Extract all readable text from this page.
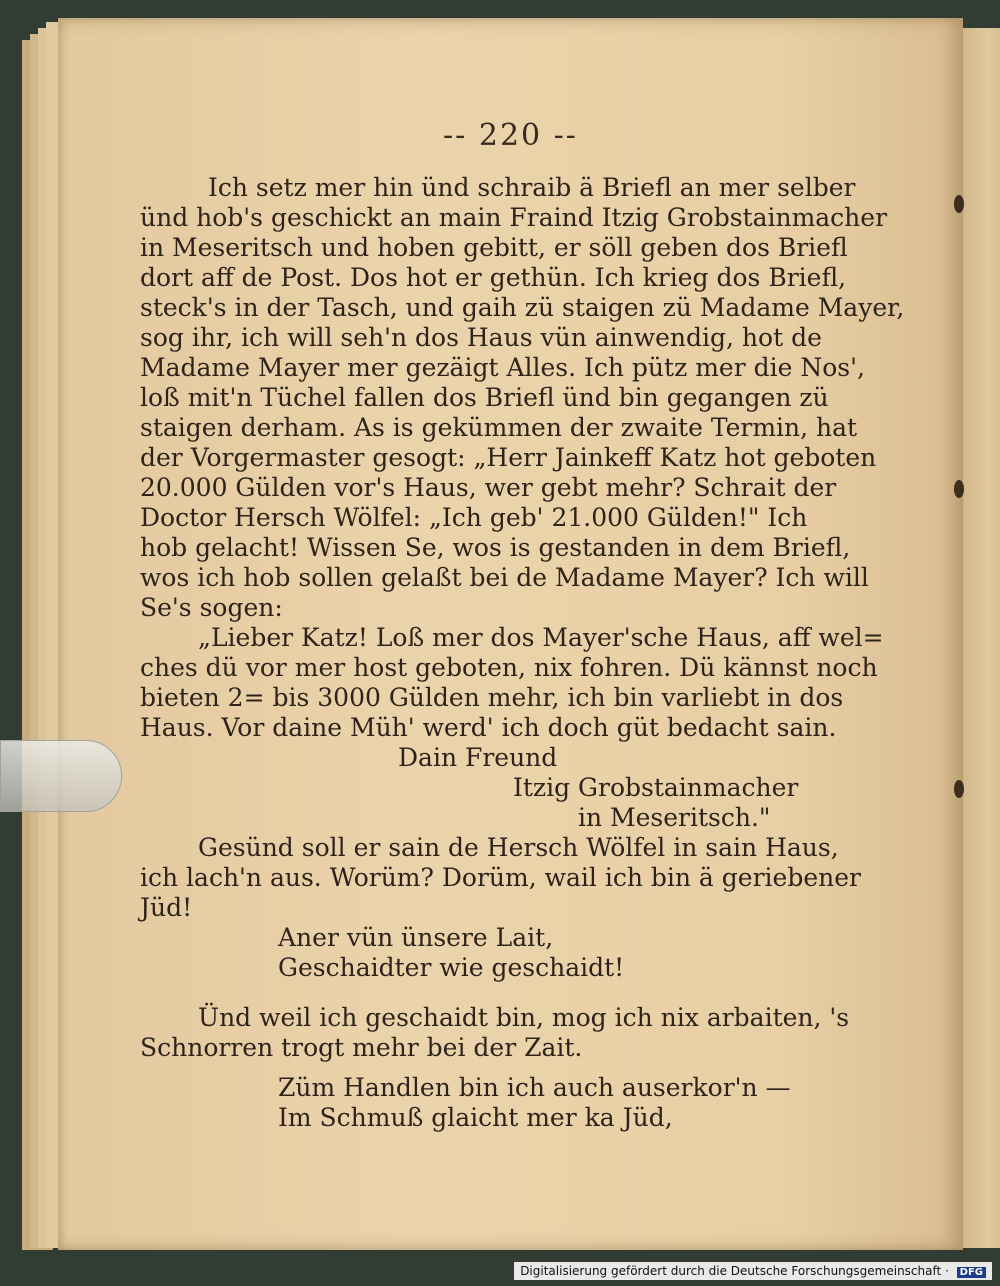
-- 220 --
Ich setz mer hin ünd schraib ä Briefl an mer selber
ünd hob's geschickt an main Fraind Itzig Grobstainmacher
in Meseritsch und hoben gebitt, er söll geben dos Briefl
dort aff de Post. Dos hot er gethün. Ich krieg dos Briefl,
steck's in der Tasch, und gaih zü staigen zü Madame Mayer,
sog ihr, ich will seh'n dos Haus vün ainwendig, hot de
Madame Mayer mer gezäigt Alles. Ich pütz mer die Nos',
loß mit'n Tüchel fallen dos Briefl ünd bin gegangen zü
staigen derham. As is gekümmen der zwaite Termin, hat
der Vorgermaster gesogt: „Herr Jainkeff Katz hot geboten
20.000 Gülden vor's Haus, wer gebt mehr? Schrait der
Doctor Hersch Wölfel: „Ich geb' 21.000 Gülden!" Ich
hob gelacht! Wissen Se, wos is gestanden in dem Briefl,
wos ich hob sollen gelaßt bei de Madame Mayer? Ich will
Se's sogen:
„Lieber Katz! Loß mer dos Mayer'sche Haus, aff wel=
ches dü vor mer host geboten, nix fohren. Dü kännst noch
bieten 2= bis 3000 Gülden mehr, ich bin varliebt in dos
Haus. Vor daine Müh' werd' ich doch güt bedacht sain.
Dain Freund
Itzig Grobstainmacher
in Meseritsch."
Gesünd soll er sain de Hersch Wölfel in sain Haus,
ich lach'n aus. Worüm? Dorüm, wail ich bin ä geriebener
Jüd!
Aner vün ünsere Lait,
Geschaidter wie geschaidt!
Ünd weil ich geschaidt bin, mog ich nix arbaiten, 's
Schnorren trogt mehr bei der Zait.
Züm Handlen bin ich auch auserkor'n —
Im Schmuß glaicht mer ka Jüd,
Digitalisierung gefördert durch die Deutsche Forschungsgemeinschaft · DFG
